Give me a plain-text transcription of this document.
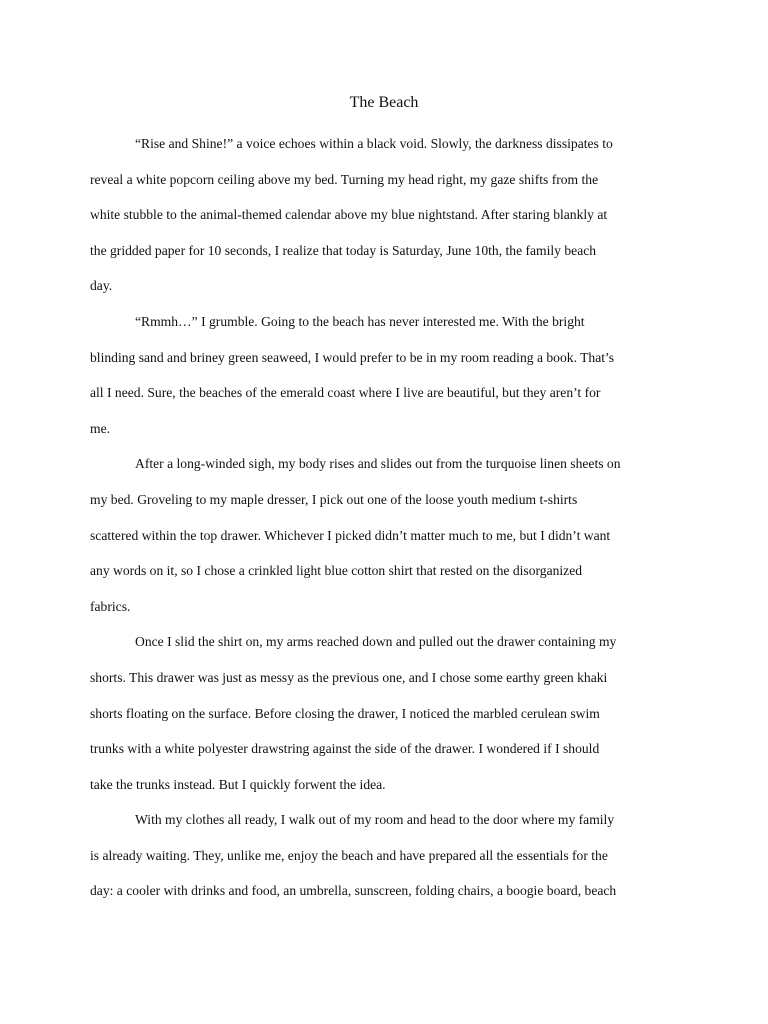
The Beach
“Rise and Shine!” a voice echoes within a black void. Slowly, the darkness dissipates to
reveal a white popcorn ceiling above my bed. Turning my head right, my gaze shifts from the
white stubble to the animal-themed calendar above my blue nightstand. After staring blankly at
the gridded paper for 10 seconds, I realize that today is Saturday, June 10th, the family beach
day.
“Rmmh…” I grumble. Going to the beach has never interested me. With the bright
blinding sand and briney green seaweed, I would prefer to be in my room reading a book. That’s
all I need. Sure, the beaches of the emerald coast where I live are beautiful, but they aren’t for
me.
After a long-winded sigh, my body rises and slides out from the turquoise linen sheets on
my bed. Groveling to my maple dresser, I pick out one of the loose youth medium t-shirts
scattered within the top drawer. Whichever I picked didn’t matter much to me, but I didn’t want
any words on it, so I chose a crinkled light blue cotton shirt that rested on the disorganized
fabrics.
Once I slid the shirt on, my arms reached down and pulled out the drawer containing my
shorts. This drawer was just as messy as the previous one, and I chose some earthy green khaki
shorts floating on the surface. Before closing the drawer, I noticed the marbled cerulean swim
trunks with a white polyester drawstring against the side of the drawer. I wondered if I should
take the trunks instead. But I quickly forwent the idea.
With my clothes all ready, I walk out of my room and head to the door where my family
is already waiting. They, unlike me, enjoy the beach and have prepared all the essentials for the
day: a cooler with drinks and food, an umbrella, sunscreen, folding chairs, a boogie board, beach
